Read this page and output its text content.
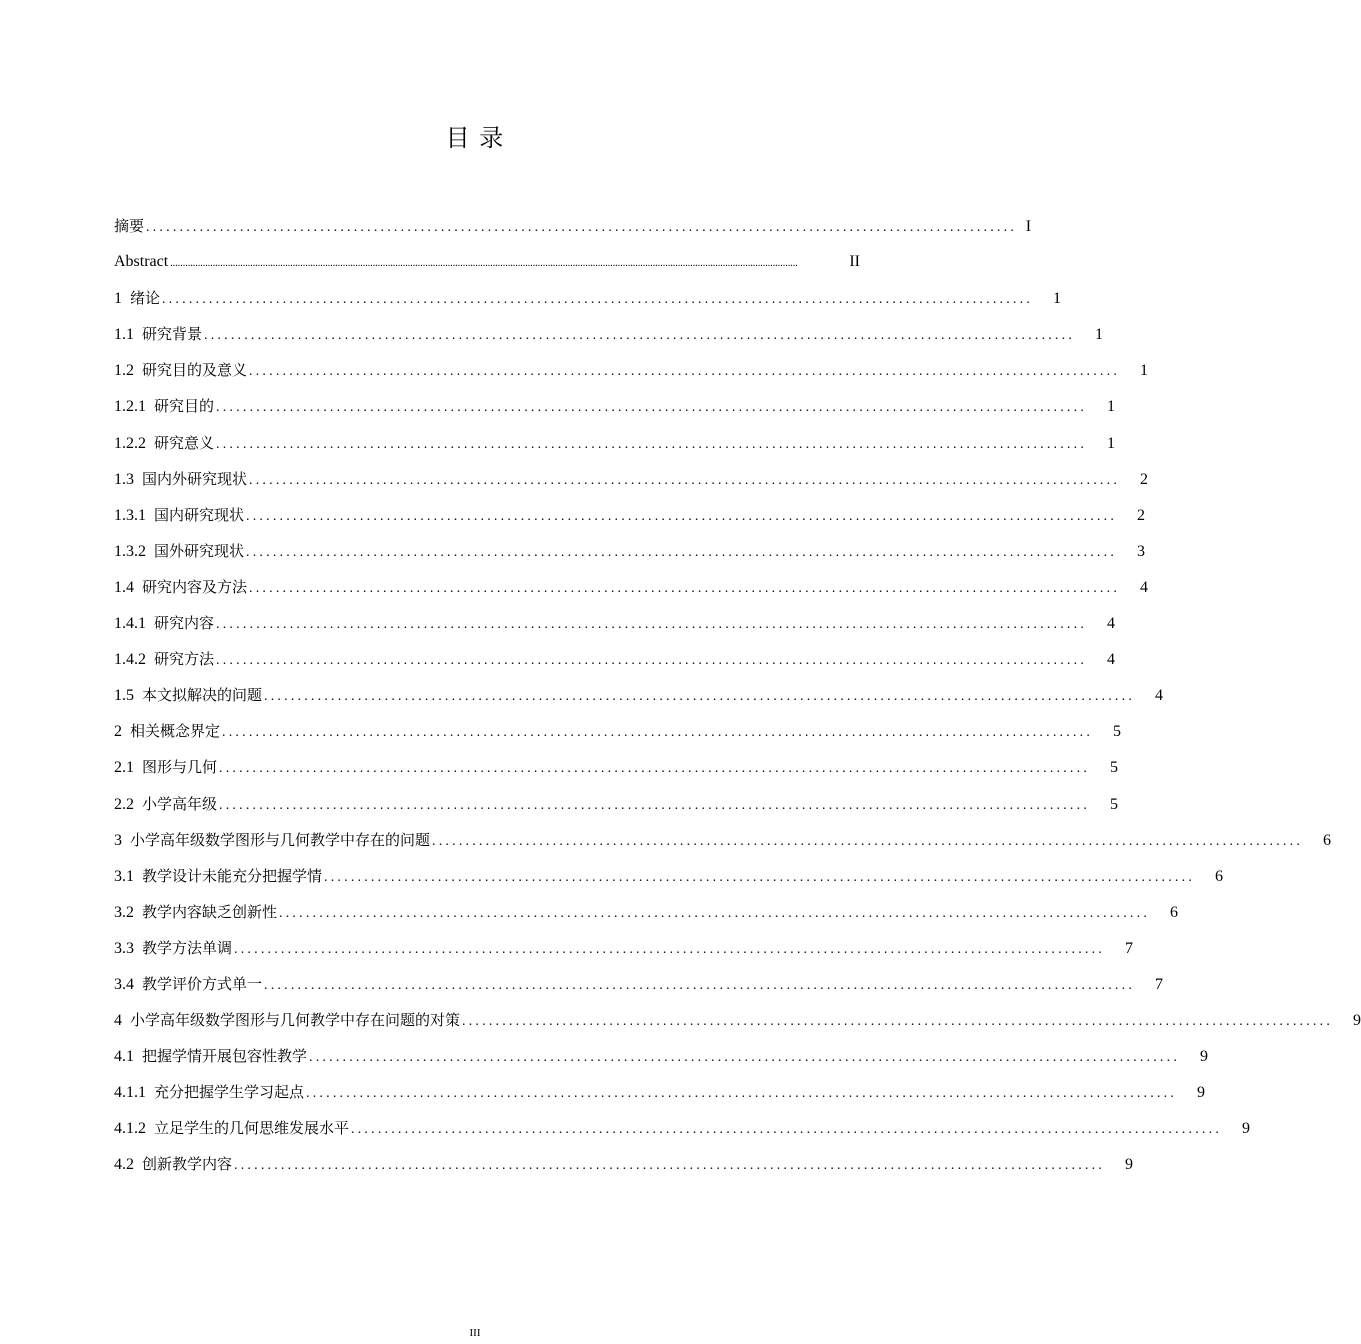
目 录
摘要 .................................................................................................................................. I
Abstract ...........................................................................................................................................................................................................................................................	II
1 绪论 ..................................................................................................................................	1
1.1 研究背景 ..................................................................................................................................	1
1.2 研究目的及意义 ..................................................................................................................................	1
1.2.1 研究目的 ..................................................................................................................................	1
1.2.2 研究意义 ..................................................................................................................................	1
1.3 国内外研究现状 ..................................................................................................................................	2
1.3.1 国内研究现状 ..................................................................................................................................	2
1.3.2 国外研究现状 ..................................................................................................................................	3
1.4 研究内容及方法 ..................................................................................................................................	4
1.4.1 研究内容 ..................................................................................................................................	4
1.4.2 研究方法 ..................................................................................................................................	4
1.5 本文拟解决的问题 ..................................................................................................................................	4
2 相关概念界定 ..................................................................................................................................	5
2.1 图形与几何 ..................................................................................................................................	5
2.2 小学高年级 ..................................................................................................................................	5
3 小学高年级数学图形与几何教学中存在的问题 ..................................................................................................................................	6
3.1 教学设计未能充分把握学情 ..................................................................................................................................	6
3.2 教学内容缺乏创新性 ..................................................................................................................................	6
3.3 教学方法单调 ..................................................................................................................................	7
3.4 教学评价方式单一 ..................................................................................................................................	7
4 小学高年级数学图形与几何教学中存在问题的对策 ..................................................................................................................................	9
4.1 把握学情开展包容性教学 ..................................................................................................................................	9
4.1.1 充分把握学生学习起点 ..................................................................................................................................	9
4.1.2 立足学生的几何思维发展水平 ..................................................................................................................................	9
4.2 创新教学内容 ..................................................................................................................................	9
III
